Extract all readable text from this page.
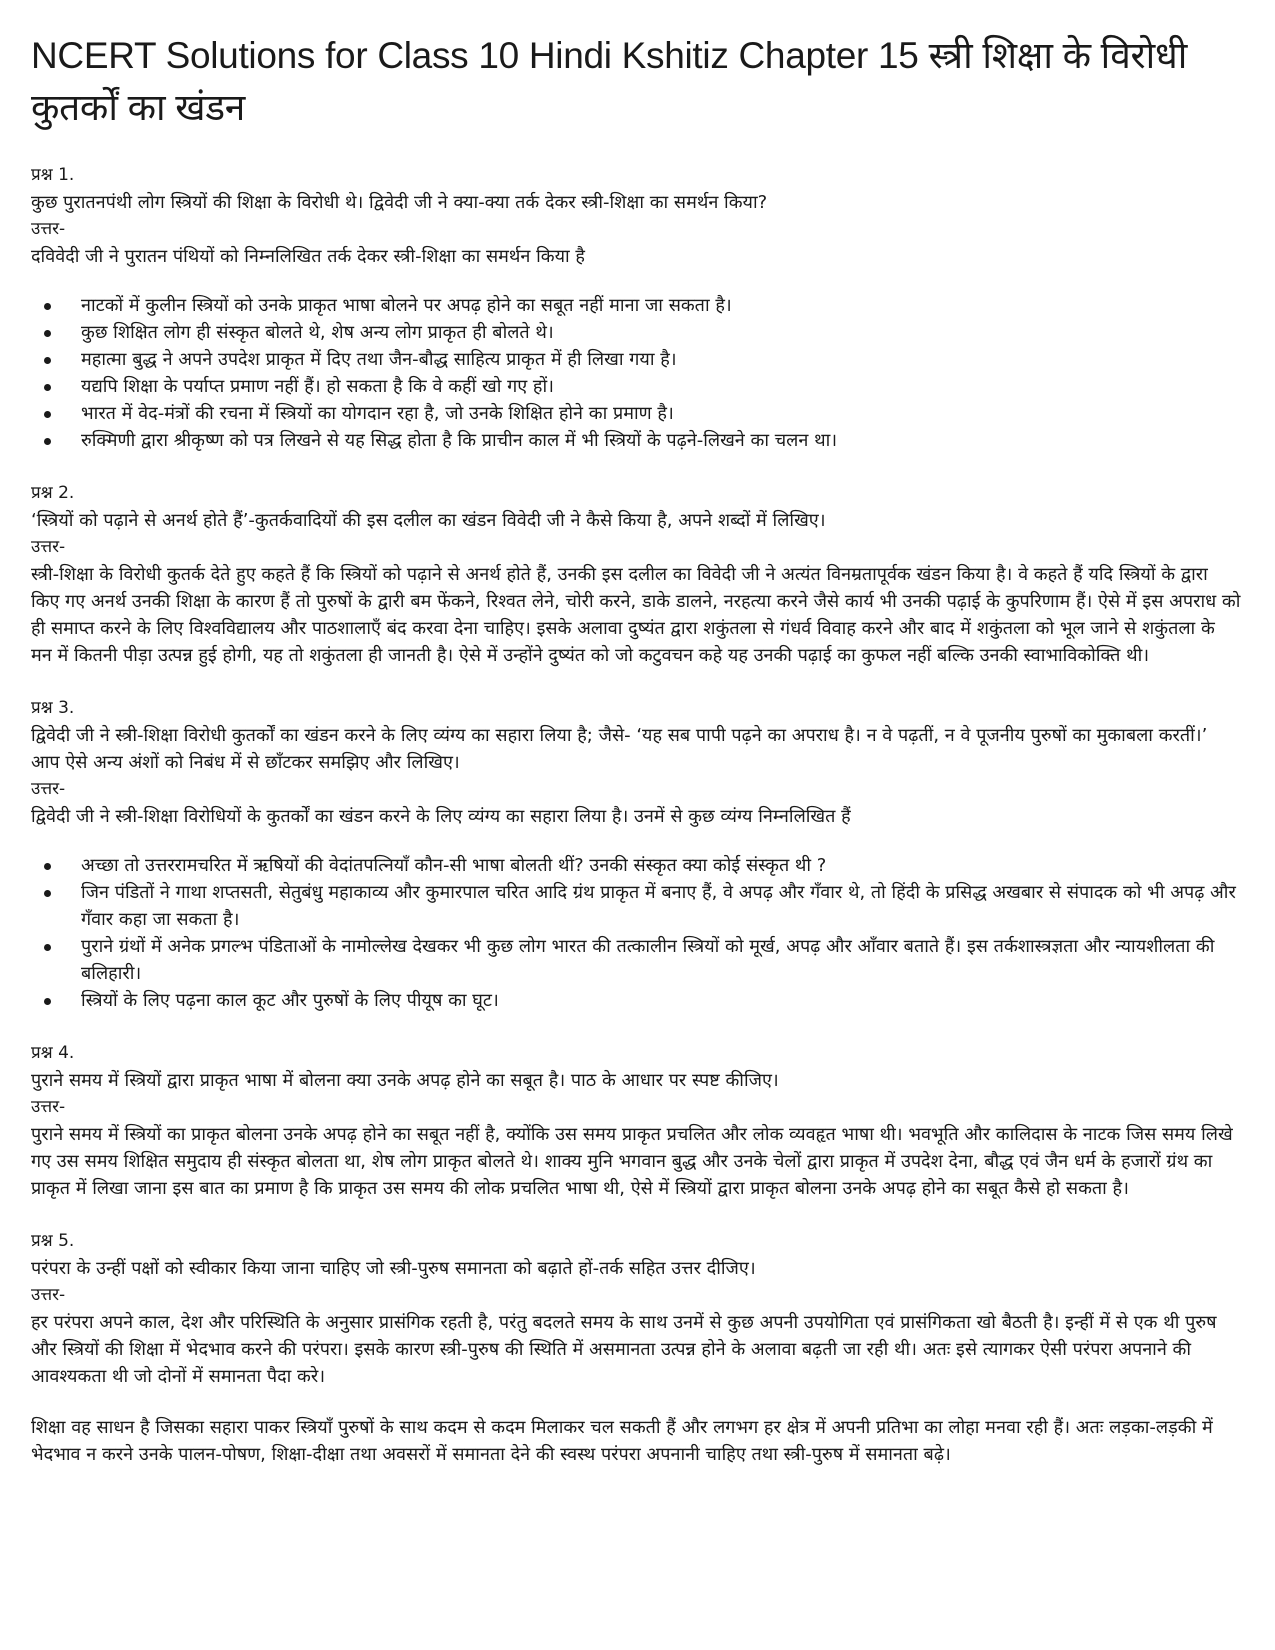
NCERT Solutions for Class 10 Hindi Kshitiz Chapter 15 स्त्री शिक्षा के विरोधी कुतर्कों का खंडन

प्रश्न 1.

कुछ पुरातनपंथी लोग स्त्रियों की शिक्षा के विरोधी थे। द्विवेदी जी ने क्या-क्या तर्क देकर स्त्री-शिक्षा का समर्थन किया?

उत्तर-

दविवेदी जी ने पुरातन पंथियों को निम्नलिखित तर्क देकर स्त्री-शिक्षा का समर्थन किया है

नाटकों में कुलीन स्त्रियों को उनके प्राकृत भाषा बोलने पर अपढ़ होने का सबूत नहीं माना जा सकता है।
कुछ शिक्षित लोग ही संस्कृत बोलते थे, शेष अन्य लोग प्राकृत ही बोलते थे।
महात्मा बुद्ध ने अपने उपदेश प्राकृत में दिए तथा जैन-बौद्ध साहित्य प्राकृत में ही लिखा गया है।
यद्यपि शिक्षा के पर्याप्त प्रमाण नहीं हैं। हो सकता है कि वे कहीं खो गए हों।
भारत में वेद-मंत्रों की रचना में स्त्रियों का योगदान रहा है, जो उनके शिक्षित होने का प्रमाण है।
रुक्मिणी द्वारा श्रीकृष्ण को पत्र लिखने से यह सिद्ध होता है कि प्राचीन काल में भी स्त्रियों के पढ़ने-लिखने का चलन था।

प्रश्न 2.

‘स्त्रियों को पढ़ाने से अनर्थ होते हैं’-कुतर्कवादियों की इस दलील का खंडन विवेदी जी ने कैसे किया है, अपने शब्दों में लिखिए।

उत्तर-

स्त्री-शिक्षा के विरोधी कुतर्क देते हुए कहते हैं कि स्त्रियों को पढ़ाने से अनर्थ होते हैं, उनकी इस दलील का विवेदी जी ने अत्यंत विनम्रतापूर्वक खंडन किया है। वे कहते हैं यदि स्त्रियों के द्वारा किए गए अनर्थ उनकी शिक्षा के कारण हैं तो पुरुषों के द्वारी बम फेंकने, रिश्वत लेने, चोरी करने, डाके डालने, नरहत्या करने जैसे कार्य भी उनकी पढ़ाई के कुपरिणाम हैं। ऐसे में इस अपराध को ही समाप्त करने के लिए विश्वविद्यालय और पाठशालाएँ बंद करवा देना चाहिए। इसके अलावा दुष्यंत द्वारा शकुंतला से गंधर्व विवाह करने और बाद में शकुंतला को भूल जाने से शकुंतला के मन में कितनी पीड़ा उत्पन्न हुई होगी, यह तो शकुंतला ही जानती है। ऐसे में उन्होंने दुष्यंत को जो कटुवचन कहे यह उनकी पढ़ाई का कुफल नहीं बल्कि उनकी स्वाभाविकोक्ति थी।

प्रश्न 3.

द्विवेदी जी ने स्त्री-शिक्षा विरोधी कुतर्कों का खंडन करने के लिए व्यंग्य का सहारा लिया है; जैसे- ‘यह सब पापी पढ़ने का अपराध है। न वे पढ़तीं, न वे पूजनीय पुरुषों का मुकाबला करतीं।’ आप ऐसे अन्य अंशों को निबंध में से छाँटकर समझिए और लिखिए।

उत्तर-

द्विवेदी जी ने स्त्री-शिक्षा विरोधियों के कुतर्कों का खंडन करने के लिए व्यंग्य का सहारा लिया है। उनमें से कुछ व्यंग्य निम्नलिखित हैं

अच्छा तो उत्तररामचरित में ऋषियों की वेदांतपत्नियाँ कौन-सी भाषा बोलती थीं? उनकी संस्कृत क्या कोई संस्कृत थी ?
जिन पंडितों ने गाथा शप्तसती, सेतुबंधु महाकाव्य और कुमारपाल चरित आदि ग्रंथ प्राकृत में बनाए हैं, वे अपढ़ और गँवार थे, तो हिंदी के प्रसिद्ध अखबार से संपादक को भी अपढ़ और गँवार कहा जा सकता है।
पुराने ग्रंथों में अनेक प्रगल्भ पंडिताओं के नामोल्लेख देखकर भी कुछ लोग भारत की तत्कालीन स्त्रियों को मूर्ख, अपढ़ और आँवार बताते हैं। इस तर्कशास्त्रज्ञता और न्यायशीलता की बलिहारी।
स्त्रियों के लिए पढ़ना काल कूट और पुरुषों के लिए पीयूष का घूट।

प्रश्न 4.

पुराने समय में स्त्रियों द्वारा प्राकृत भाषा में बोलना क्या उनके अपढ़ होने का सबूत है। पाठ के आधार पर स्पष्ट कीजिए।

उत्तर-

पुराने समय में स्त्रियों का प्राकृत बोलना उनके अपढ़ होने का सबूत नहीं है, क्योंकि उस समय प्राकृत प्रचलित और लोक व्यवहृत भाषा थी। भवभूति और कालिदास के नाटक जिस समय लिखे गए उस समय शिक्षित समुदाय ही संस्कृत बोलता था, शेष लोग प्राकृत बोलते थे। शाक्य मुनि भगवान बुद्ध और उनके चेलों द्वारा प्राकृत में उपदेश देना, बौद्ध एवं जैन धर्म के हजारों ग्रंथ का प्राकृत में लिखा जाना इस बात का प्रमाण है कि प्राकृत उस समय की लोक प्रचलित भाषा थी, ऐसे में स्त्रियों द्वारा प्राकृत बोलना उनके अपढ़ होने का सबूत कैसे हो सकता है।

प्रश्न 5.

परंपरा के उन्हीं पक्षों को स्वीकार किया जाना चाहिए जो स्त्री-पुरुष समानता को बढ़ाते हों-तर्क सहित उत्तर दीजिए।

उत्तर-

हर परंपरा अपने काल, देश और परिस्थिति के अनुसार प्रासंगिक रहती है, परंतु बदलते समय के साथ उनमें से कुछ अपनी उपयोगिता एवं प्रासंगिकता खो बैठती है। इन्हीं में से एक थी पुरुष और स्त्रियों की शिक्षा में भेदभाव करने की परंपरा। इसके कारण स्त्री-पुरुष की स्थिति में असमानता उत्पन्न होने के अलावा बढ़ती जा रही थी। अतः इसे त्यागकर ऐसी परंपरा अपनाने की आवश्यकता थी जो दोनों में समानता पैदा करे।

शिक्षा वह साधन है जिसका सहारा पाकर स्त्रियाँ पुरुषों के साथ कदम से कदम मिलाकर चल सकती हैं और लगभग हर क्षेत्र में अपनी प्रतिभा का लोहा मनवा रही हैं। अतः लड़का-लड़की में भेदभाव न करने उनके पालन-पोषण, शिक्षा-दीक्षा तथा अवसरों में समानता देने की स्वस्थ परंपरा अपनानी चाहिए तथा स्त्री-पुरुष में समानता बढ़े।
